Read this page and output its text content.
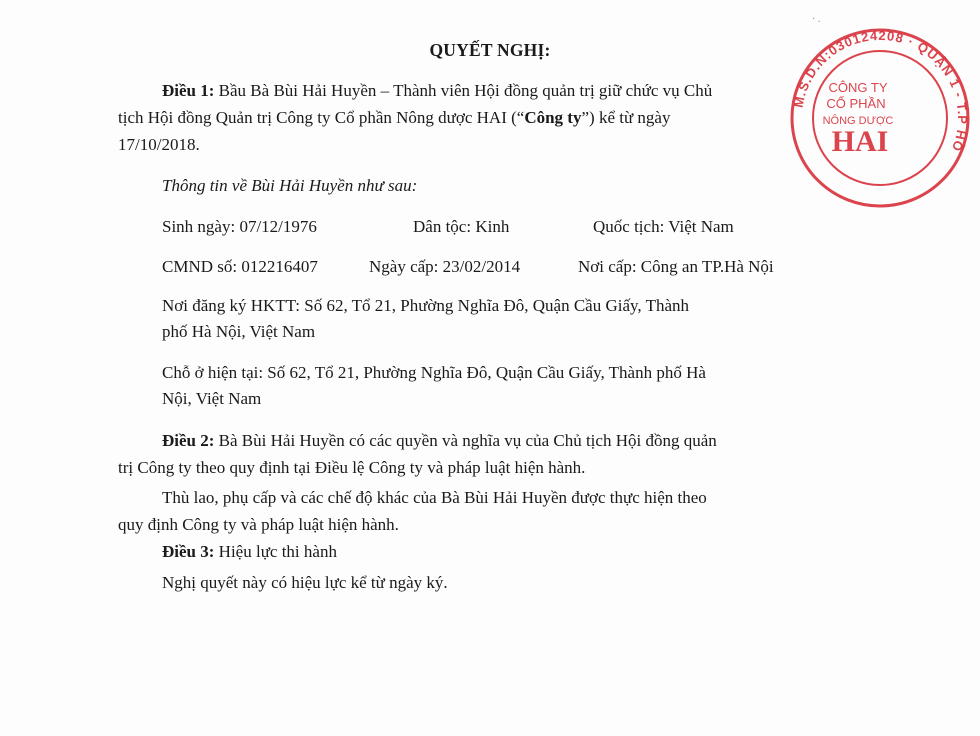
· .
QUYẾT NGHỊ:
Điều 1: Bầu Bà Bùi Hải Huyền – Thành viên Hội đồng quản trị giữ chức vụ Chủ
tịch Hội đồng Quản trị Công ty Cổ phần Nông dược HAI (“Công ty”) kể từ ngày
17/10/2018.
Thông tin về Bùi Hải Huyền như sau:
Sinh ngày: 07/12/1976	Dân tộc: Kinh	Quốc tịch: Việt Nam
CMND số: 012216407	Ngày cấp: 23/02/2014	Nơi cấp: Công an TP.Hà Nội
Nơi đăng ký HKTT: Số 62, Tổ 21, Phường Nghĩa Đô, Quận Cầu Giấy, Thành
phố Hà Nội, Việt Nam
Chỗ ở hiện tại: Số 62, Tổ 21, Phường Nghĩa Đô, Quận Cầu Giấy, Thành phố Hà
Nội, Việt Nam
Điều 2: Bà Bùi Hải Huyền có các quyền và nghĩa vụ của Chủ tịch Hội đồng quản
trị Công ty theo quy định tại Điều lệ Công ty và pháp luật hiện hành.
Thù lao, phụ cấp và các chế độ khác của Bà Bùi Hải Huyền được thực hiện theo
quy định Công ty và pháp luật hiện hành.
Điều 3: Hiệu lực thi hành
Nghị quyết này có hiệu lực kể từ ngày ký.
M.S.D.N:030124208 · QUẬN 1 - T.P HỒ
CÔNG TY
CỔ PHẦN
NÔNG DƯỢC
HAI
